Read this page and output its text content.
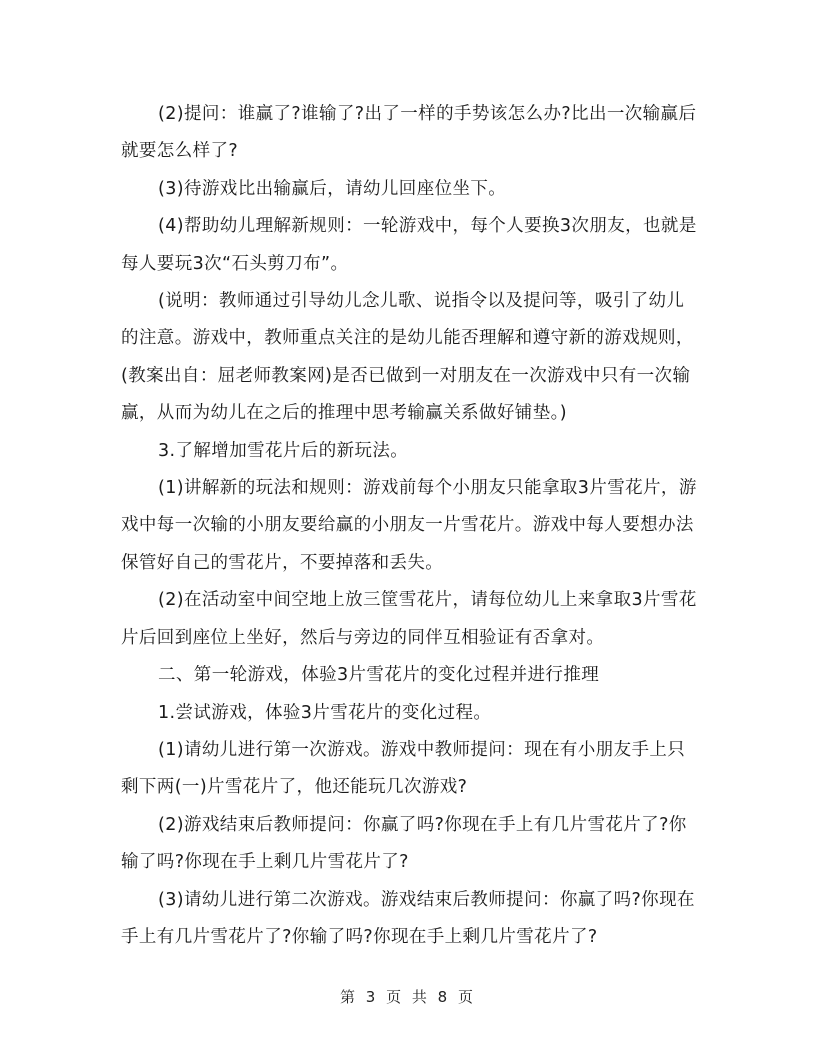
(2)提问：谁赢了?谁输了?出了一样的手势该怎么办?比出一次输赢后就要怎么样了?

(3)待游戏比出输赢后，请幼儿回座位坐下。

(4)帮助幼儿理解新规则：一轮游戏中，每个人要换3次朋友，也就是每人要玩3次“石头剪刀布”。

(说明：教师通过引导幼儿念儿歌、说指令以及提问等，吸引了幼儿的注意。游戏中，教师重点关注的是幼儿能否理解和遵守新的游戏规则，(教案出自：屈老师教案网)是否已做到一对朋友在一次游戏中只有一次输赢，从而为幼儿在之后的推理中思考输赢关系做好铺垫。)

3.了解增加雪花片后的新玩法。

(1)讲解新的玩法和规则：游戏前每个小朋友只能拿取3片雪花片，游戏中每一次输的小朋友要给赢的小朋友一片雪花片。游戏中每人要想办法保管好自己的雪花片，不要掉落和丢失。

(2)在活动室中间空地上放三筐雪花片，请每位幼儿上来拿取3片雪花片后回到座位上坐好，然后与旁边的同伴互相验证有否拿对。

二、第一轮游戏，体验3片雪花片的变化过程并进行推理

1.尝试游戏，体验3片雪花片的变化过程。

(1)请幼儿进行第一次游戏。游戏中教师提问：现在有小朋友手上只剩下两(一)片雪花片了，他还能玩几次游戏?

(2)游戏结束后教师提问：你赢了吗?你现在手上有几片雪花片了?你输了吗?你现在手上剩几片雪花片了?

(3)请幼儿进行第二次游戏。游戏结束后教师提问：你赢了吗?你现在手上有几片雪花片了?你输了吗?你现在手上剩几片雪花片了?

第 3 页 共 8 页
